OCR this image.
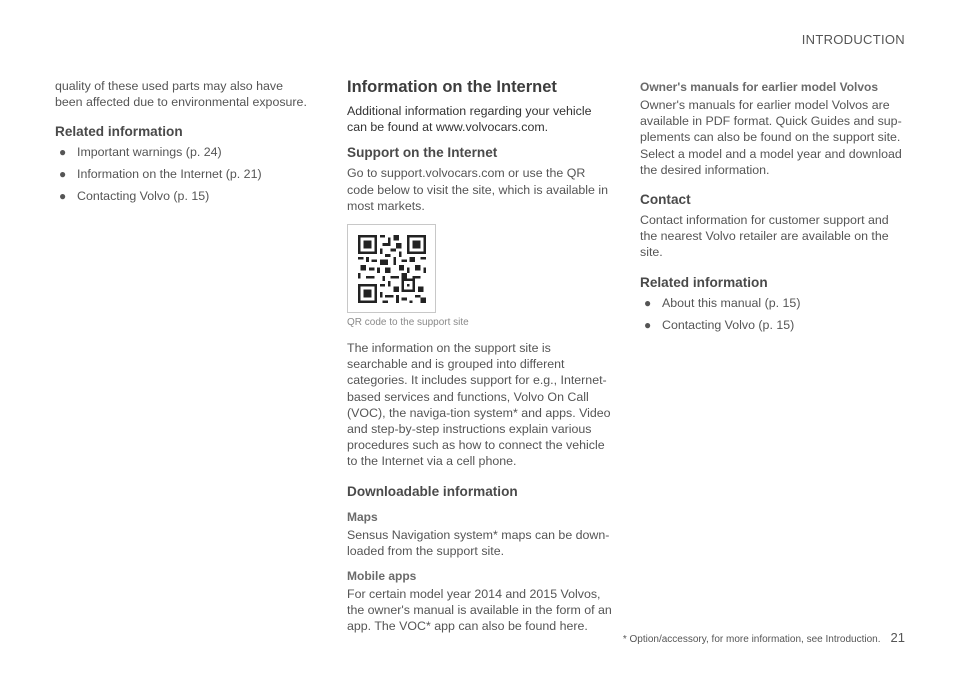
INTRODUCTION

quality of these used parts may also have been affected due to environmental exposure.

Related information
● Important warnings (p. 24)
● Information on the Internet (p. 21)
● Contacting Volvo (p. 15)
Information on the Internet

Additional information regarding your vehicle can be found at www.volvocars.com.

Support on the Internet

Go to support.volvocars.com or use the QR code below to visit the site, which is available in most markets.

QR code to the support site

The information on the support site is searchable and is grouped into different categories. It includes support for e.g., Internet-based services and functions, Volvo On Call (VOC), the naviga-tion system* and apps. Video and step-by-step instructions explain various procedures such as how to connect the vehicle to the Internet via a cell phone.

Downloadable information
Maps

Sensus Navigation system* maps can be down-loaded from the support site.

Mobile apps

For certain model year 2014 and 2015 Volvos, the owner's manual is available in the form of an app. The VOC* app can also be found here.

Owner's manuals for earlier model Volvos

Owner's manuals for earlier model Volvos are available in PDF format. Quick Guides and sup-plements can also be found on the support site. Select a model and a model year and download the desired information.

Contact

Contact information for customer support and the nearest Volvo retailer are available on the site.

Related information
● About this manual (p. 15)
● Contacting Volvo (p. 15)
* Option/accessory, for more information, see Introduction. 21
